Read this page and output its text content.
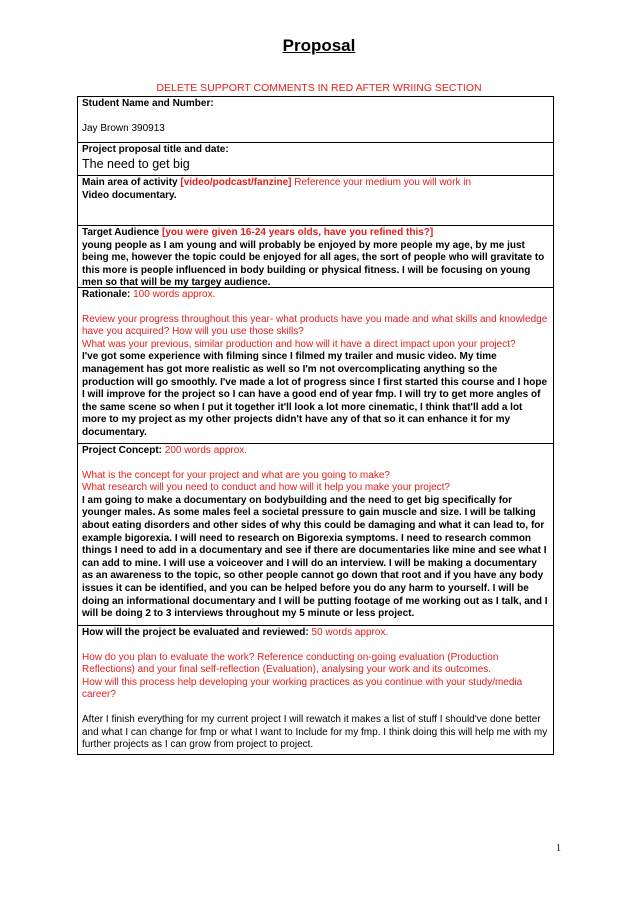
Proposal
DELETE SUPPORT COMMENTS IN RED AFTER WRIING SECTION

Student Name and Number:

Jay Brown 390913

Project proposal title and date:

The need to get big

Main area of activity [video/podcast/fanzine] Reference your medium you will work in

Video documentary.

Target Audience [you were given 16-24 years olds, have you refined this?]

young people as I am young and will probably be enjoyed by more people my age, by me just being me, however the topic could be enjoyed for all ages, the sort of people who will gravitate to this more is people influenced in body building or physical fitness. I will be focusing on young men so that will be my targey audience.

Rationale: 100 words approx.

Review your progress throughout this year- what products have you made and what skills and knowledge have you acquired? How will you use those skills?

What was your previous, similar production and how will it have a direct impact upon your project?

I've got some experience with filming since I filmed my trailer and music video. My time management has got more realistic as well so I'm not overcomplicating anything so the production will go smoothly. I've made a lot of progress since I first started this course and I hope I will improve for the project so I can have a good end of year fmp. I will try to get more angles of the same scene so when I put it together it'll look a lot more cinematic, I think that'll add a lot more to my project as my other projects didn't have any of that so it can enhance it for my documentary.

Project Concept: 200 words approx.

What is the concept for your project and what are you going to make?

What research will you need to conduct and how will it help you make your project?

I am going to make a documentary on bodybuilding and the need to get big specifically for younger males. As some males feel a societal pressure to gain muscle and size. I will be talking about eating disorders and other sides of why this could be damaging and what it can lead to, for example bigorexia. I will need to research on Bigorexia symptoms. I need to research common things I need to add in a documentary and see if there are documentaries like mine and see what I can add to mine. I will use a voiceover and I will do an interview. I will be making a documentary as an awareness to the topic, so other people cannot go down that root and if you have any body issues it can be identified, and you can be helped before you do any harm to yourself. I will be doing an informational documentary and I will be putting footage of me working out as I talk, and I will be doing 2 to 3 interviews throughout my 5 minute or less project.

How will the project be evaluated and reviewed: 50 words approx.

How do you plan to evaluate the work? Reference conducting on-going evaluation (Production Reflections) and your final self-reflection (Evaluation), analysing your work and its outcomes.

How will this process help developing your working practices as you continue with your study/media career?

After I finish everything for my current project I will rewatch it makes a list of stuff I should've done better and what I can change for fmp or what I want to Include for my fmp. I think doing this will help me with my further projects as I can grow from project to project.

1
